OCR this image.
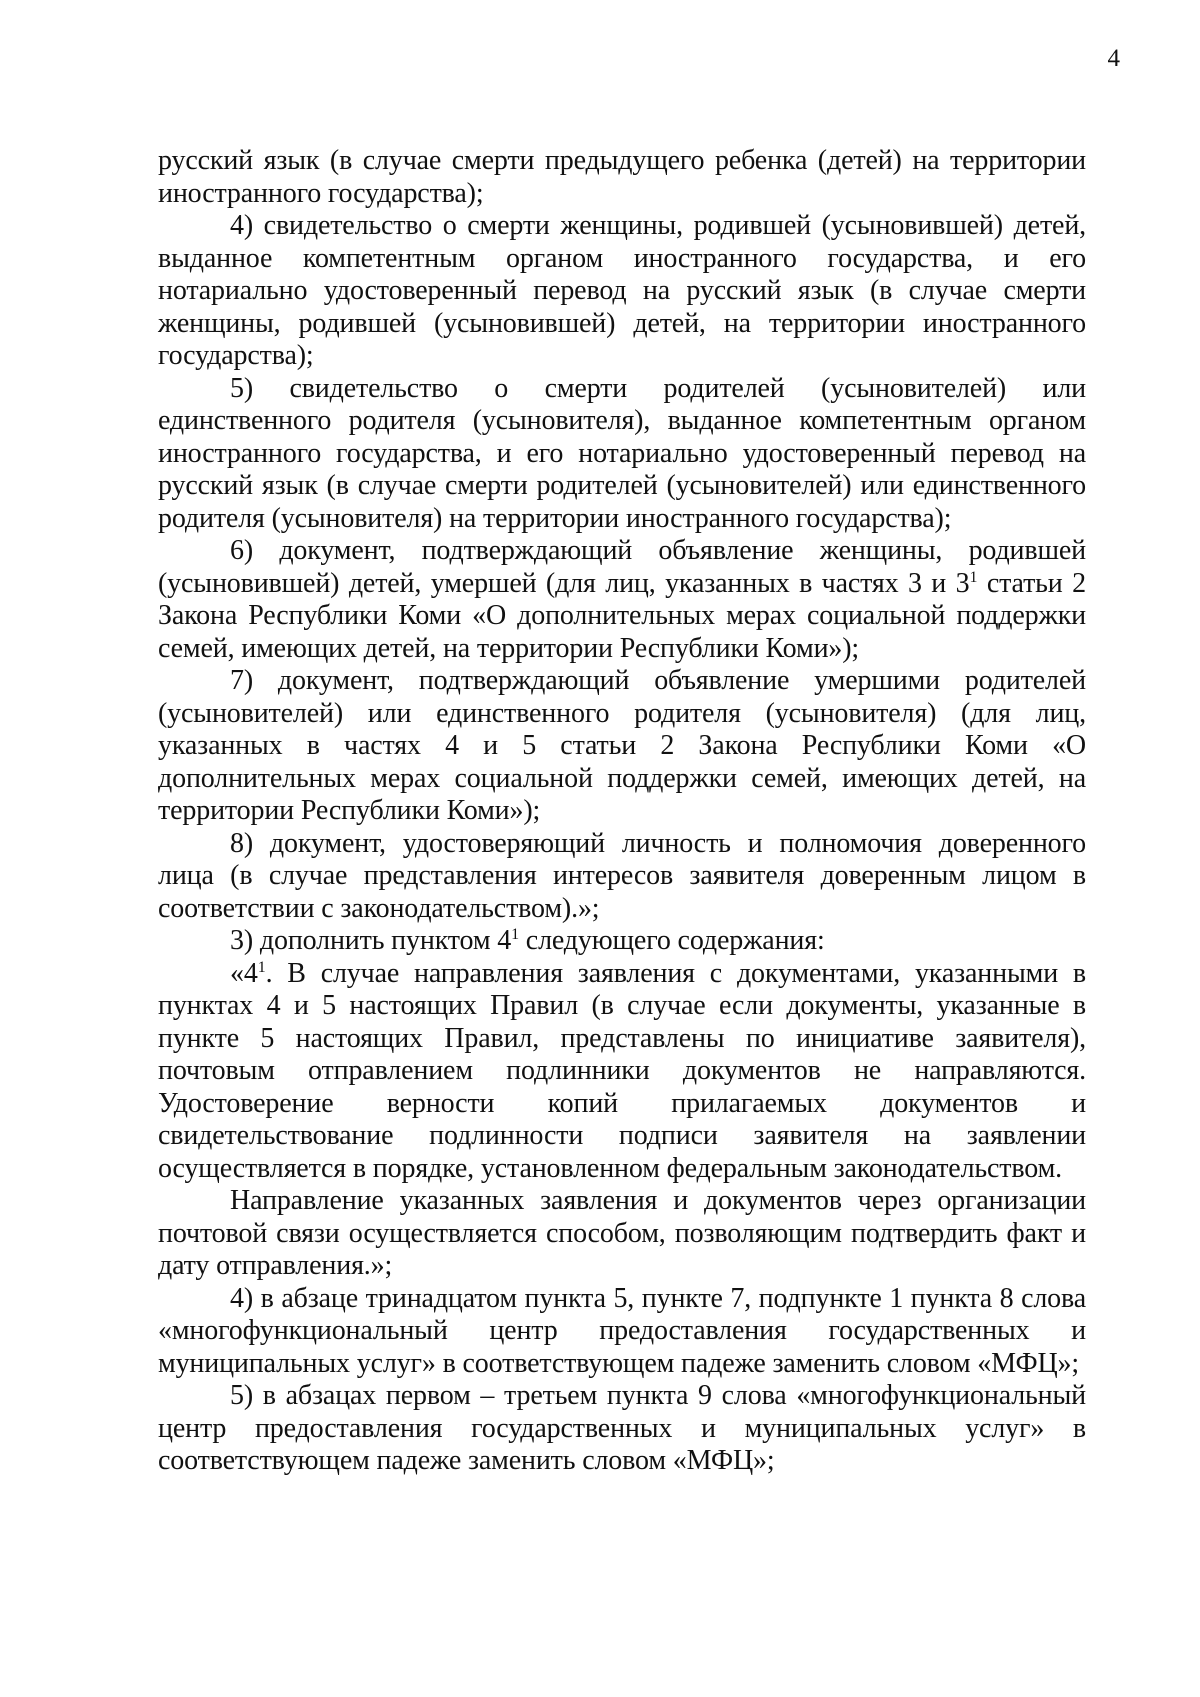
4

русский язык (в случае смерти предыдущего ребенка (детей) на территории иностранного государства);

4) свидетельство о смерти женщины, родившей (усыновившей) детей, выданное компетентным органом иностранного государства, и его нотариально удостоверенный перевод на русский язык (в случае смерти женщины, родившей (усыновившей) детей, на территории иностранного государства);

5) свидетельство о смерти родителей (усыновителей) или единственного родителя (усыновителя), выданное компетентным органом иностранного государства, и его нотариально удостоверенный перевод на русский язык (в случае смерти родителей (усыновителей) или единственного родителя (усыновителя) на территории иностранного государства);

6) документ, подтверждающий объявление женщины, родившей (усыновившей) детей, умершей (для лиц, указанных в частях 3 и $3^1$ статьи 2 Закона Республики Коми «О дополнительных мерах социальной поддержки семей, имеющих детей, на территории Республики Коми»);

7) документ, подтверждающий объявление умершими родителей (усыновителей) или единственного родителя (усыновителя) (для лиц, указанных в частях 4 и 5 статьи 2 Закона Республики Коми «О дополнительных мерах социальной поддержки семей, имеющих детей, на территории Республики Коми»);

8) документ, удостоверяющий личность и полномочия доверенного лица (в случае представления интересов заявителя доверенным лицом в соответствии с законодательством).»;

3) дополнить пунктом $4^1$ следующего содержания:

«$4^1$. В случае направления заявления с документами, указанными в пунктах 4 и 5 настоящих Правил (в случае если документы, указанные в пункте 5 настоящих Правил, представлены по инициативе заявителя), почтовым отправлением подлинники документов не направляются. Удостоверение верности копий прилагаемых документов и свидетельствование подлинности подписи заявителя на заявлении осуществляется в порядке, установленном федеральным законодательством.

Направление указанных заявления и документов через организации почтовой связи осуществляется способом, позволяющим подтвердить факт и дату отправления.»;

4) в абзаце тринадцатом пункта 5, пункте 7, подпункте 1 пункта 8 слова «многофункциональный центр предоставления государственных и муниципальных услуг» в соответствующем падеже заменить словом «МФЦ»;

5) в абзацах первом – третьем пункта 9 слова «многофункциональный центр предоставления государственных и муниципальных услуг» в соответствующем падеже заменить словом «МФЦ»;
